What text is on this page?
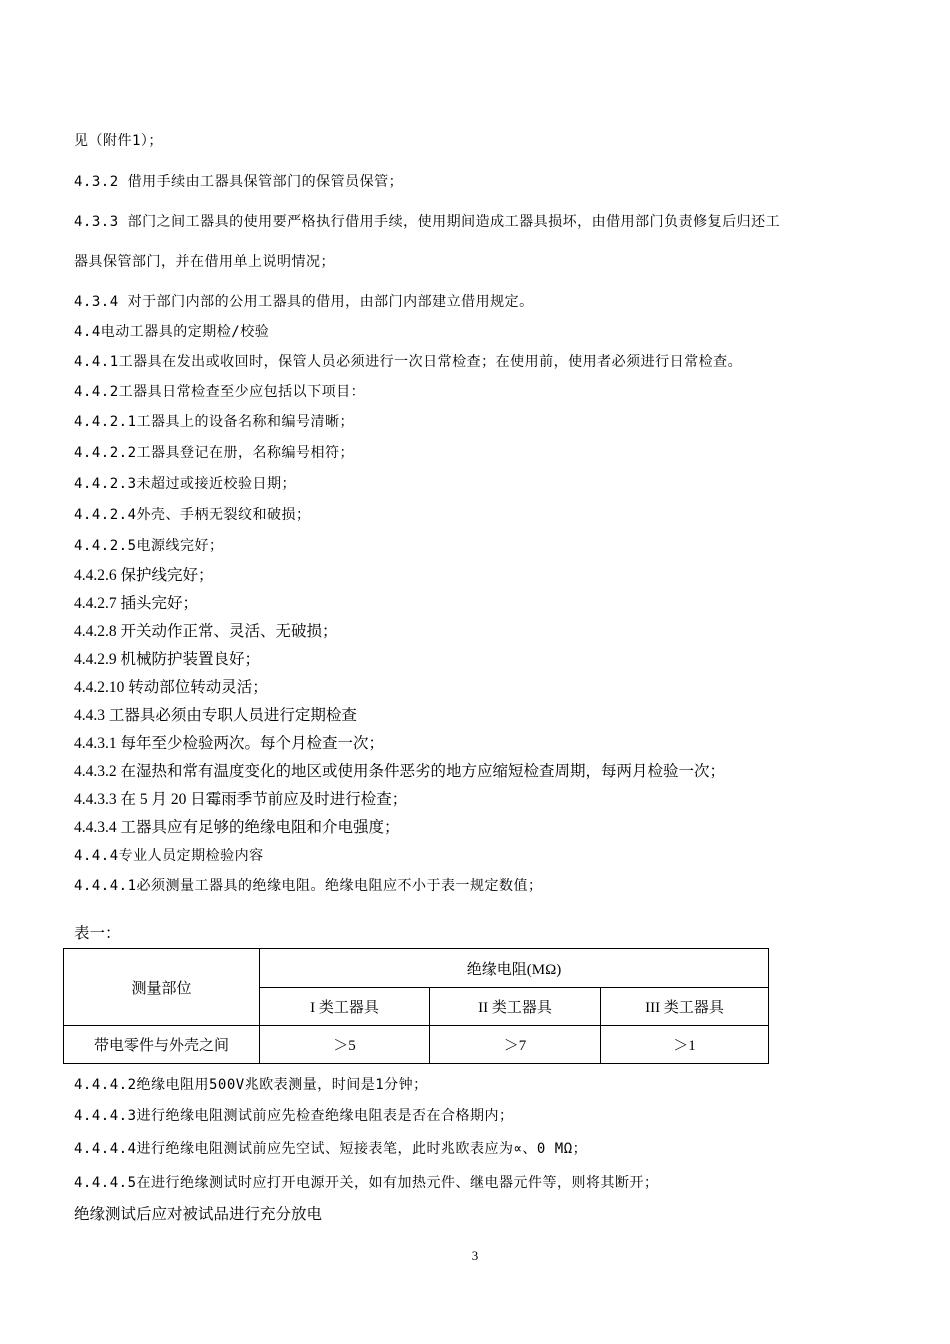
见（附件1）；
4.3.2 借用手续由工器具保管部门的保管员保管；
4.3.3 部门之间工器具的使用要严格执行借用手续，使用期间造成工器具损坏，由借用部门负责修复后归还工
器具保管部门，并在借用单上说明情况；
4.3.4 对于部门内部的公用工器具的借用，由部门内部建立借用规定。
4.4电动工器具的定期检/校验
4.4.1工器具在发出或收回时，保管人员必须进行一次日常检查；在使用前，使用者必须进行日常检查。
4.4.2工器具日常检查至少应包括以下项目：
4.4.2.1工器具上的设备名称和编号清晰；
4.4.2.2工器具登记在册，名称编号相符；
4.4.2.3未超过或接近校验日期；
4.4.2.4外壳、手柄无裂纹和破损；
4.4.2.5电源线完好；
4.4.2.6 保护线完好；
4.4.2.7 插头完好；
4.4.2.8 开关动作正常、灵活、无破损；
4.4.2.9 机械防护装置良好；
4.4.2.10 转动部位转动灵活；
4.4.3 工器具必须由专职人员进行定期检查
4.4.3.1 每年至少检验两次。每个月检查一次；
4.4.3.2 在湿热和常有温度变化的地区或使用条件恶劣的地方应缩短检查周期，每两月检验一次；
4.4.3.3 在 5 月 20 日霉雨季节前应及时进行检查；
4.4.3.4 工器具应有足够的绝缘电阻和介电强度；
4.4.4专业人员定期检验内容
4.4.4.1必须测量工器具的绝缘电阻。绝缘电阻应不小于表一规定数值；
表一：
测量部位	绝缘电阻(MΩ)		
	I 类工器具	II 类工器具	III 类工器具
带电零件与外壳之间	＞5	＞7	＞1
4.4.4.2绝缘电阻用500V兆欧表测量，时间是1分钟；
4.4.4.3进行绝缘电阻测试前应先检查绝缘电阻表是否在合格期内；
4.4.4.4进行绝缘电阻测试前应先空试、短接表笔，此时兆欧表应为∝、0 MΩ；
4.4.4.5在进行绝缘测试时应打开电源开关，如有加热元件、继电器元件等，则将其断开；
绝缘测试后应对被试品进行充分放电
3
